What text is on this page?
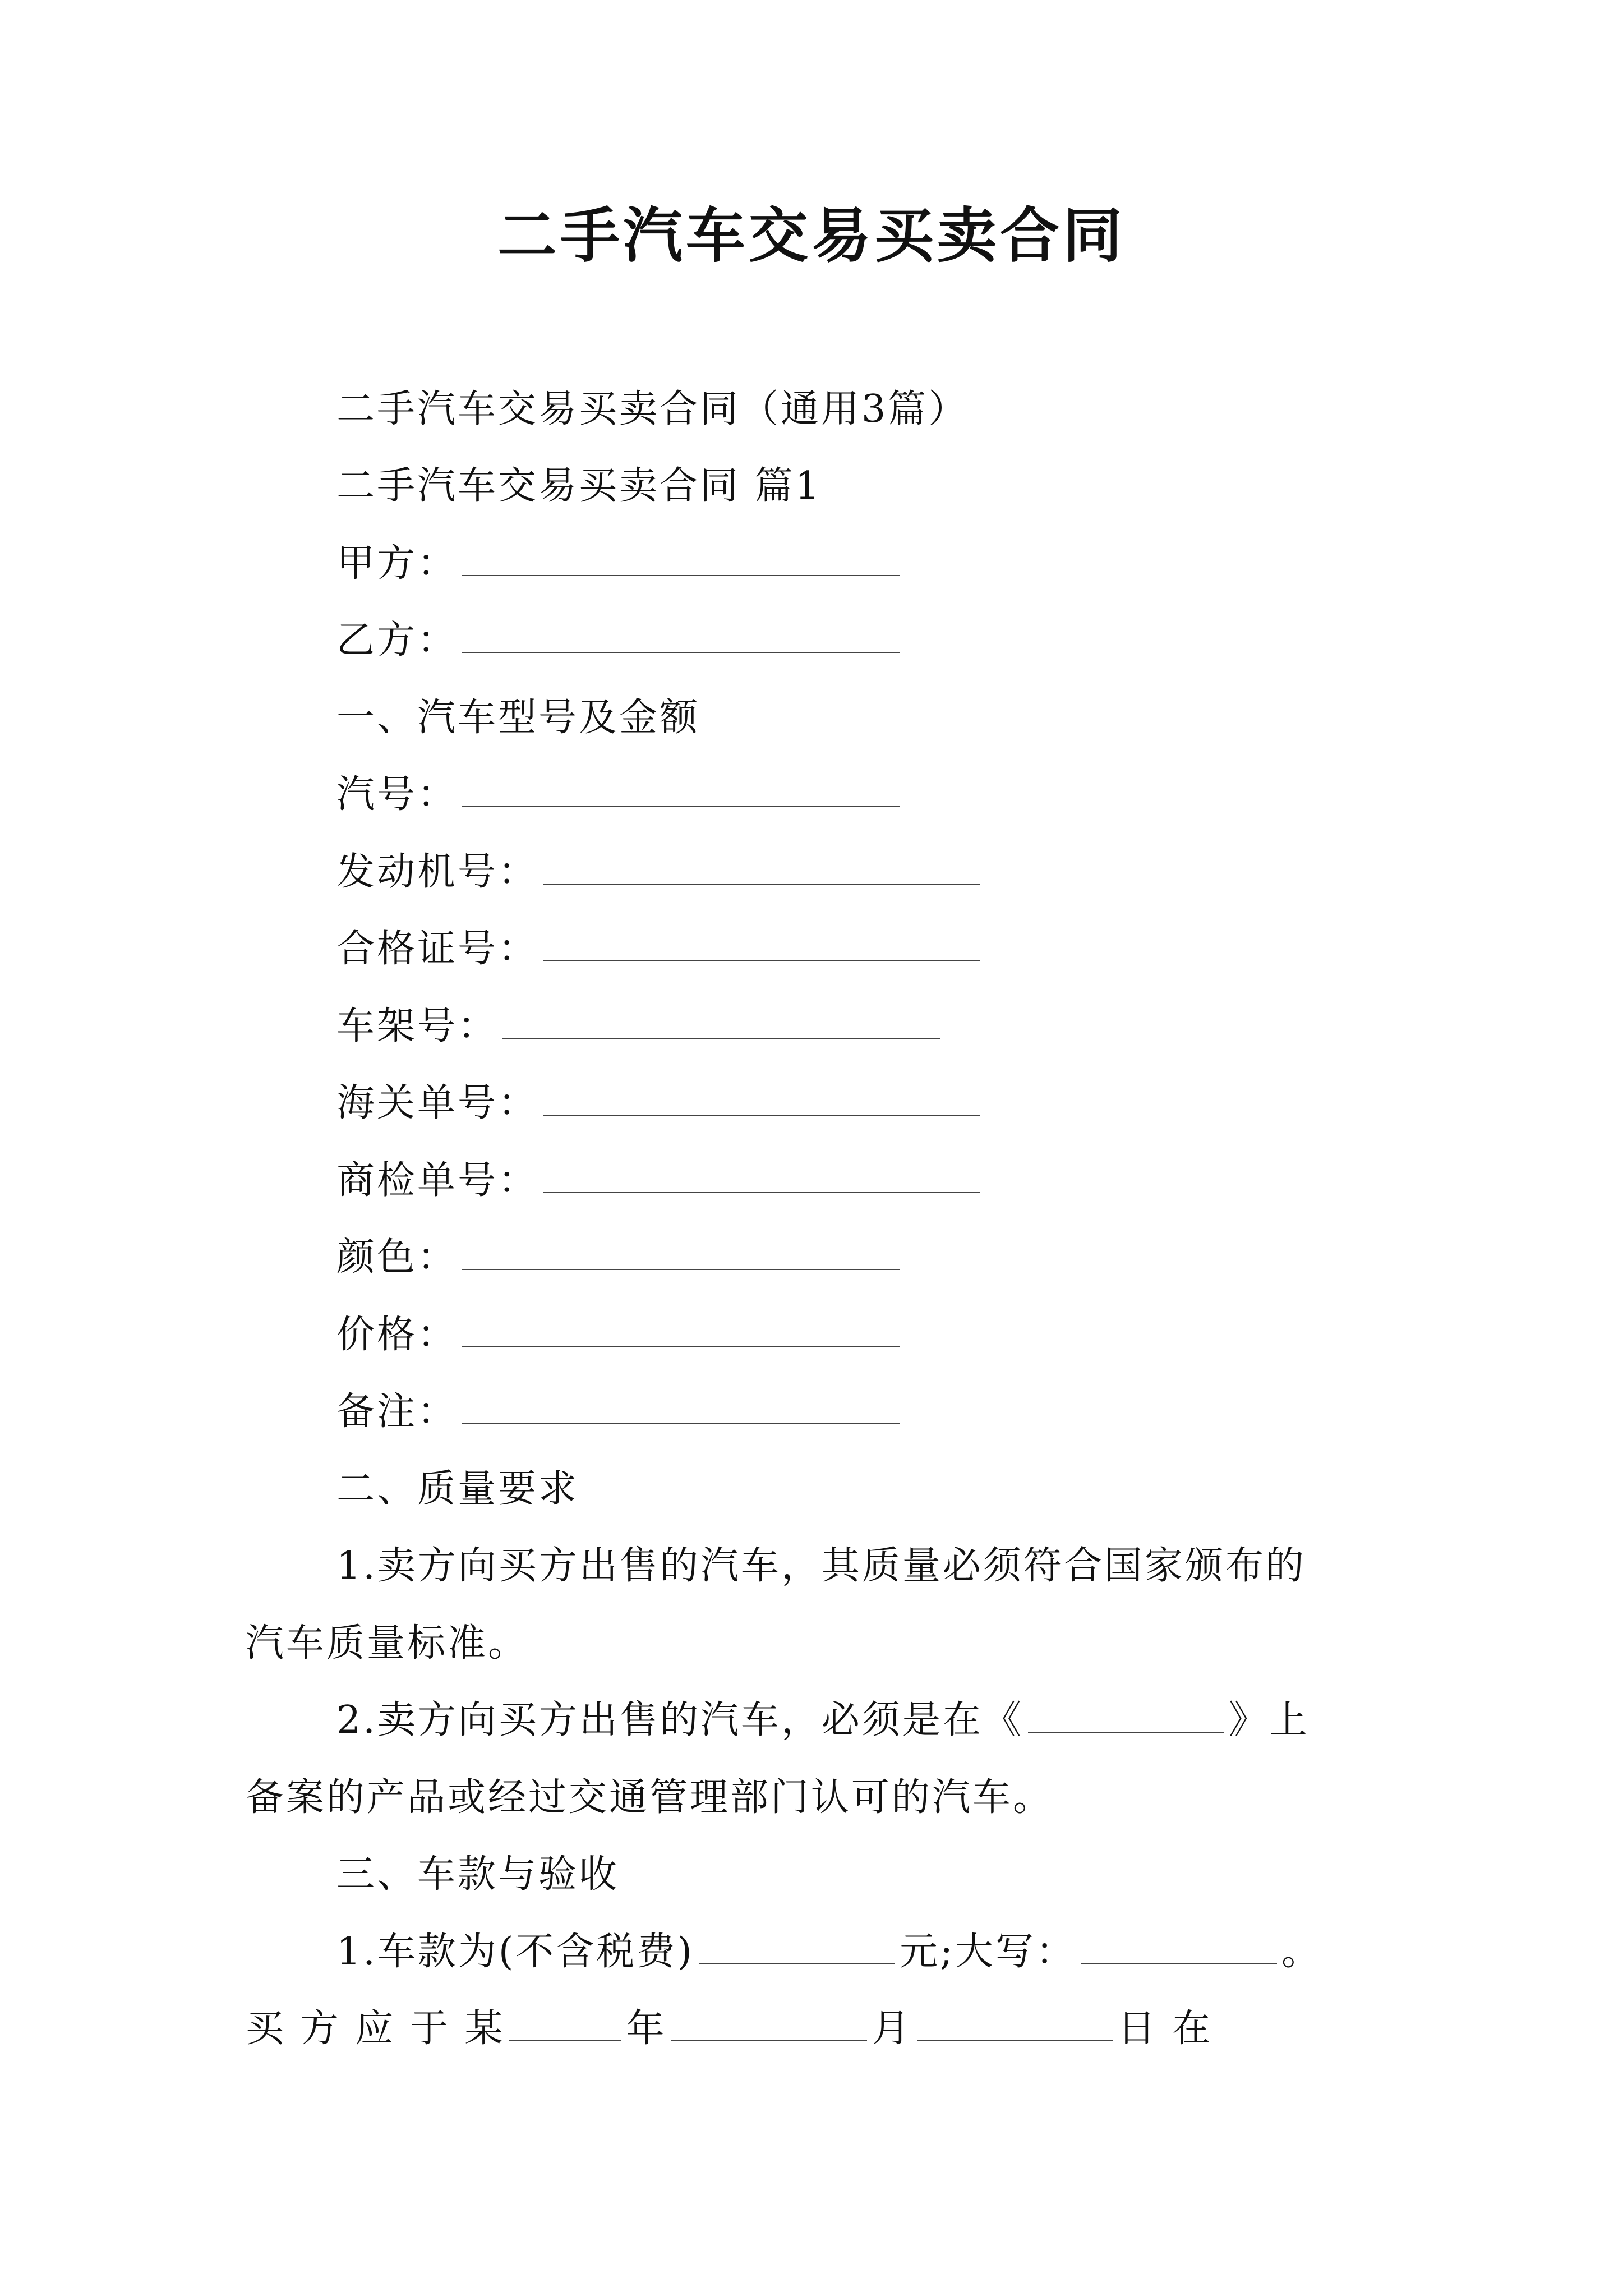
二手汽车交易买卖合同
二手汽车交易买卖合同（通用3篇）
二手汽车交易买卖合同 篇1
甲方：
乙方：
一、汽车型号及金额
汽号：
发动机号：
合格证号：
车架号：
海关单号：
商检单号：
颜色：
价格：
备注：
二、质量要求
1.卖方向买方出售的汽车，其质量必须符合国家颁布的
汽车质量标准。
2.卖方向买方出售的汽车，必须是在《	》上
备案的产品或经过交通管理部门认可的汽车。
三、车款与验收
1.车款为(不含税费)	元;大写：	。
买 方 应 于 某	年	月	日 在
